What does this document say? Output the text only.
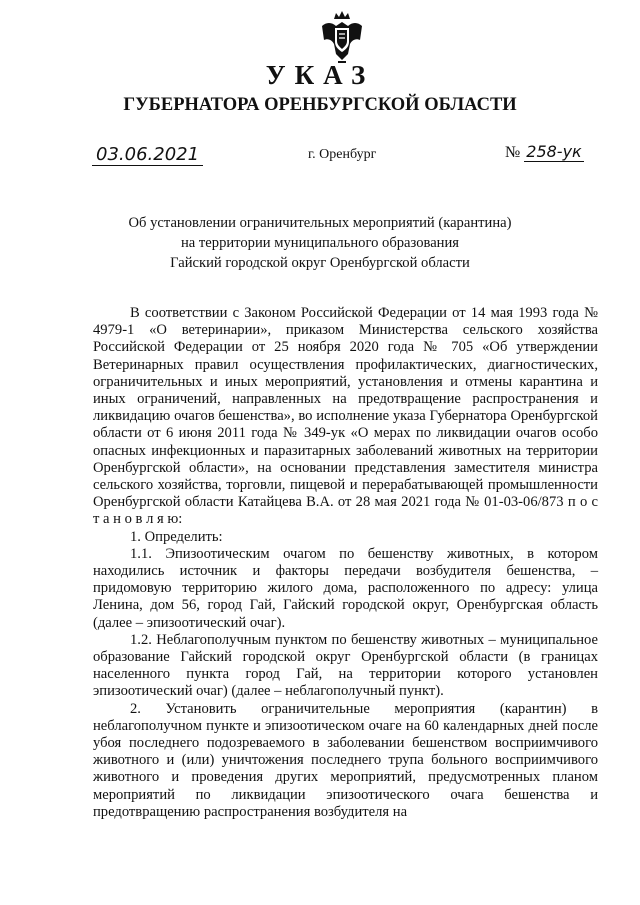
УКАЗ
ГУБЕРНАТОРА ОРЕНБУРГСКОЙ ОБЛАСТИ
03.06.2021	г. Оренбург	№ 258-ук
Об установлении ограничительных мероприятий (карантина)
на территории муниципального образования
Гайский городской округ Оренбургской области

В соответствии с Законом Российской Федерации от 14 мая 1993 года № 4979-1 «О ветеринарии», приказом Министерства сельского хозяйства Российской Федерации от 25 ноября 2020 года № 705 «Об утверждении Ветеринарных правил осуществления профилактических, диагностических, ограничительных и иных мероприятий, установления и отмены карантина и иных ограничений, направленных на предотвращение распространения и ликвидацию очагов бешенства», во исполнение указа Губернатора Оренбургской области от 6 июня 2011 года № 349-ук «О мерах по ликвидации очагов особо опасных инфекционных и паразитарных заболеваний животных на территории Оренбургской области», на основании представления заместителя министра сельского хозяйства, торговли, пищевой и перерабатывающей промышленности Оренбургской области Катайцева В.А. от 28 мая 2021 года № 01-03-06/873 п о с т а н о в л я ю:

1. Определить:

1.1. Эпизоотическим очагом по бешенству животных, в котором находились источник и факторы передачи возбудителя бешенства, – придомовую территорию жилого дома, расположенного по адресу: улица Ленина, дом 56, город Гай, Гайский городской округ, Оренбургская область (далее – эпизоотический очаг).

1.2. Неблагополучным пунктом по бешенству животных – муниципальное образование Гайский городской округ Оренбургской области (в границах населенного пункта город Гай, на территории которого установлен эпизоотический очаг) (далее – неблагополучный пункт).

2. Установить ограничительные мероприятия (карантин) в неблагополучном пункте и эпизоотическом очаге на 60 календарных дней после убоя последнего подозреваемого в заболевании бешенством восприимчивого животного и (или) уничтожения последнего трупа больного восприимчивого животного и проведения других мероприятий, предусмотренных планом мероприятий по ликвидации эпизоотического очага бешенства и предотвращению распространения возбудителя на
